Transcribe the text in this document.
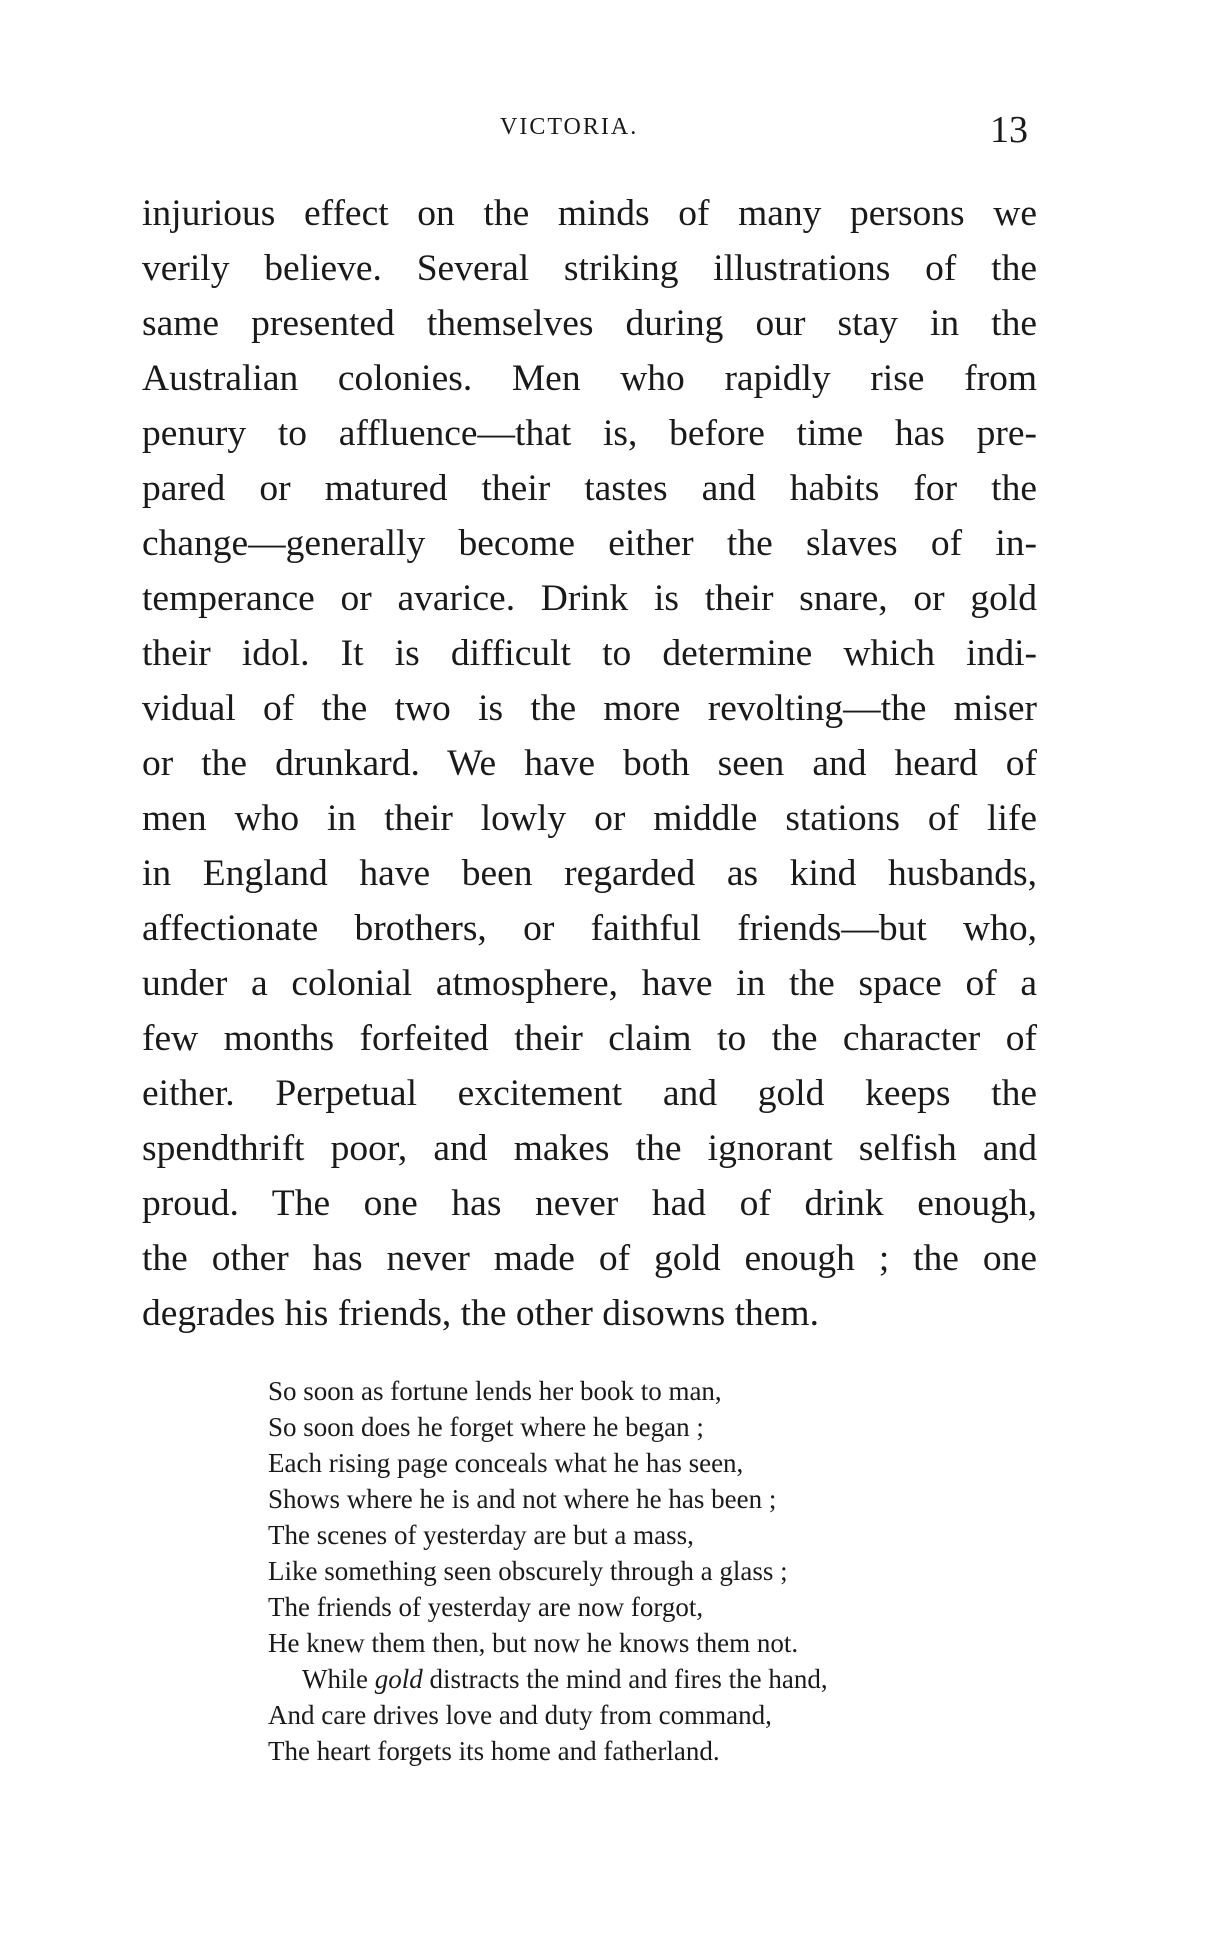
VICTORIA.	13
injurious effect on the minds of many persons we
verily believe. Several striking illustrations of the
same presented themselves during our stay in the
Australian colonies. Men who rapidly rise from
penury to affluence—that is, before time has pre-
pared or matured their tastes and habits for the
change—generally become either the slaves of in-
temperance or avarice. Drink is their snare, or gold
their idol. It is difficult to determine which indi-
vidual of the two is the more revolting—the miser
or the drunkard. We have both seen and heard of
men who in their lowly or middle stations of life
in England have been regarded as kind husbands,
affectionate brothers, or faithful friends—but who,
under a colonial atmosphere, have in the space of a
few months forfeited their claim to the character of
either. Perpetual excitement and gold keeps the
spendthrift poor, and makes the ignorant selfish and
proud. The one has never had of drink enough,
the other has never made of gold enough ; the one
degrades his friends, the other disowns them.
So soon as fortune lends her book to man,
So soon does he forget where he began ;
Each rising page conceals what he has seen,
Shows where he is and not where he has been ;
The scenes of yesterday are but a mass,
Like something seen obscurely through a glass ;
The friends of yesterday are now forgot,
He knew them then, but now he knows them not.
While gold distracts the mind and fires the hand,
And care drives love and duty from command,
The heart forgets its home and fatherland.
